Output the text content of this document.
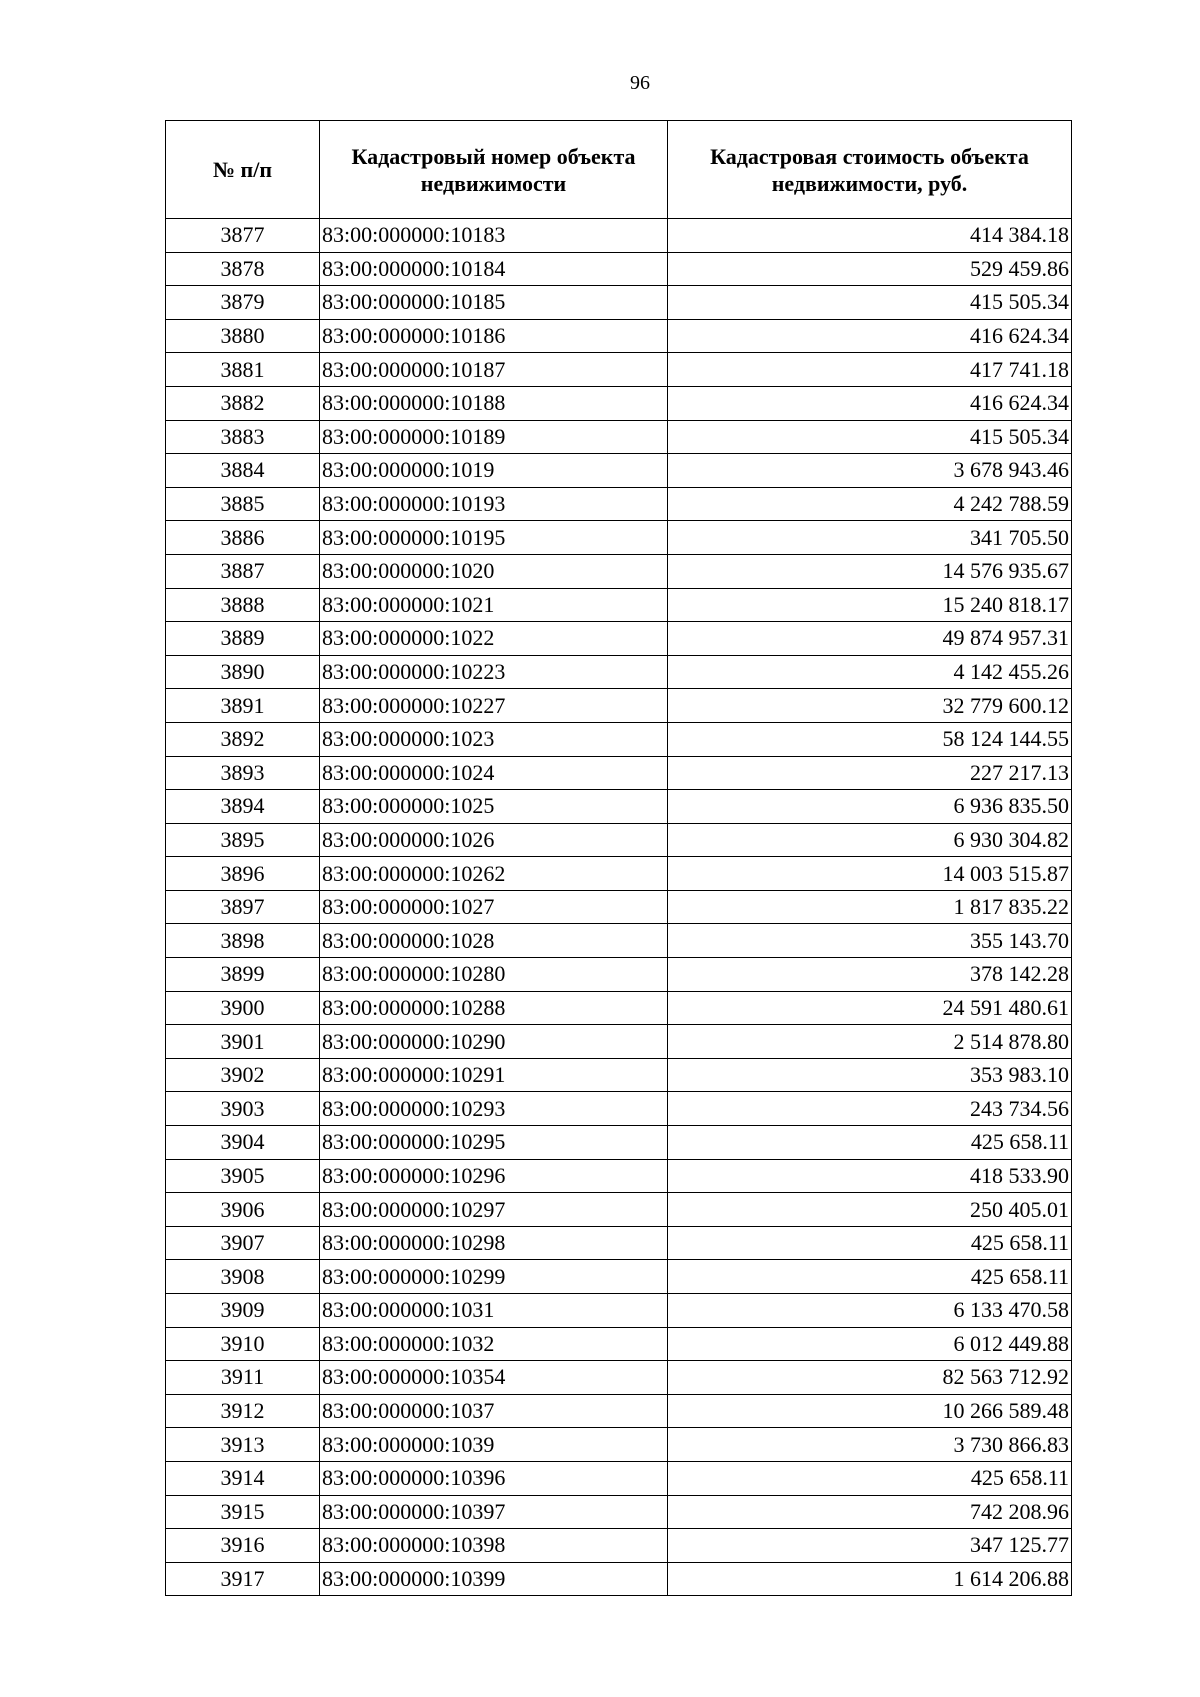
96
№ п/п	Кадастровый номер объекта недвижимости	Кадастровая стоимость объекта недвижимости, руб.
3877	83:00:000000:10183	414 384.18
3878	83:00:000000:10184	529 459.86
3879	83:00:000000:10185	415 505.34
3880	83:00:000000:10186	416 624.34
3881	83:00:000000:10187	417 741.18
3882	83:00:000000:10188	416 624.34
3883	83:00:000000:10189	415 505.34
3884	83:00:000000:1019	3 678 943.46
3885	83:00:000000:10193	4 242 788.59
3886	83:00:000000:10195	341 705.50
3887	83:00:000000:1020	14 576 935.67
3888	83:00:000000:1021	15 240 818.17
3889	83:00:000000:1022	49 874 957.31
3890	83:00:000000:10223	4 142 455.26
3891	83:00:000000:10227	32 779 600.12
3892	83:00:000000:1023	58 124 144.55
3893	83:00:000000:1024	227 217.13
3894	83:00:000000:1025	6 936 835.50
3895	83:00:000000:1026	6 930 304.82
3896	83:00:000000:10262	14 003 515.87
3897	83:00:000000:1027	1 817 835.22
3898	83:00:000000:1028	355 143.70
3899	83:00:000000:10280	378 142.28
3900	83:00:000000:10288	24 591 480.61
3901	83:00:000000:10290	2 514 878.80
3902	83:00:000000:10291	353 983.10
3903	83:00:000000:10293	243 734.56
3904	83:00:000000:10295	425 658.11
3905	83:00:000000:10296	418 533.90
3906	83:00:000000:10297	250 405.01
3907	83:00:000000:10298	425 658.11
3908	83:00:000000:10299	425 658.11
3909	83:00:000000:1031	6 133 470.58
3910	83:00:000000:1032	6 012 449.88
3911	83:00:000000:10354	82 563 712.92
3912	83:00:000000:1037	10 266 589.48
3913	83:00:000000:1039	3 730 866.83
3914	83:00:000000:10396	425 658.11
3915	83:00:000000:10397	742 208.96
3916	83:00:000000:10398	347 125.77
3917	83:00:000000:10399	1 614 206.88
